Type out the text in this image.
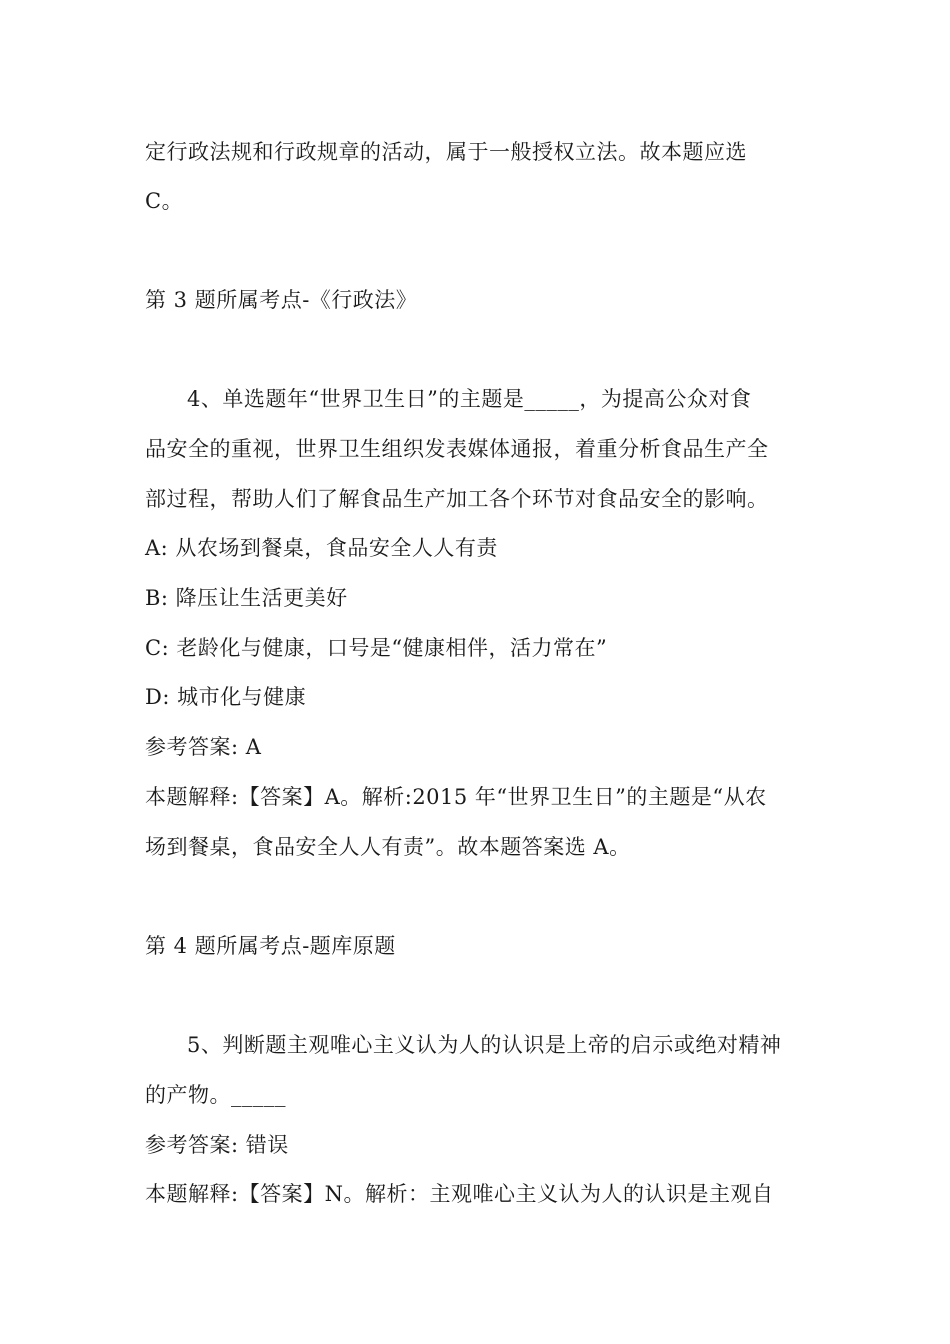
定行政法规和行政规章的活动，属于一般授权立法。故本题应选
C。
第 3 题所属考点-《行政法》
4、单选题年“世界卫生日”的主题是_____，为提高公众对食
品安全的重视，世界卫生组织发表媒体通报，着重分析食品生产全
部过程，帮助人们了解食品生产加工各个环节对食品安全的影响。
A: 从农场到餐桌，食品安全人人有责
B: 降压让生活更美好
C: 老龄化与健康，口号是“健康相伴，活力常在”
D: 城市化与健康
参考答案: A
本题解释:【答案】A。解析:2015 年“世界卫生日”的主题是“从农
场到餐桌，食品安全人人有责”。故本题答案选 A。
第 4 题所属考点-题库原题
5、判断题主观唯心主义认为人的认识是上帝的启示或绝对精神
的产物。_____
参考答案: 错误
本题解释:【答案】N。解析：主观唯心主义认为人的认识是主观自
